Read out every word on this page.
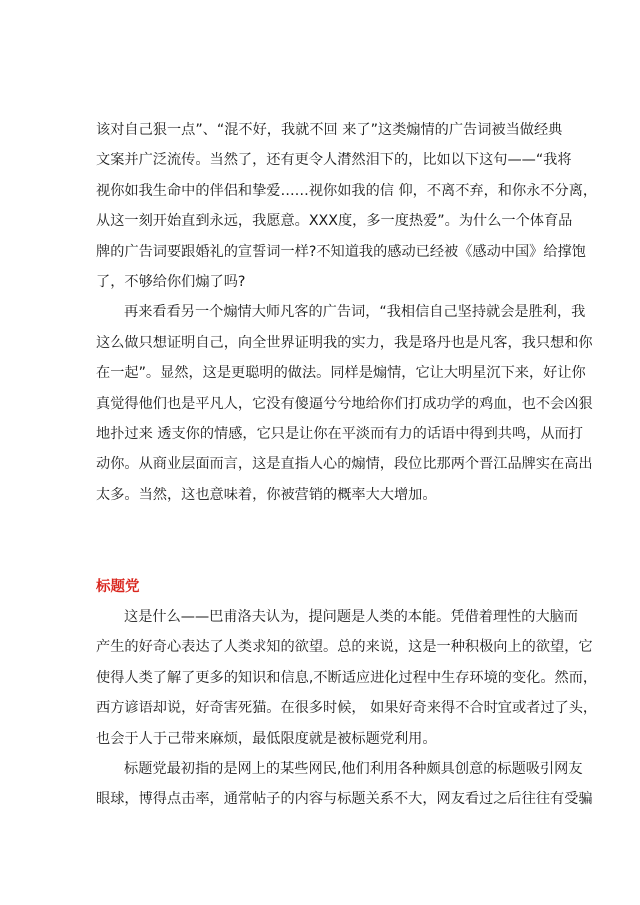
该对自己狠一点”、“混不好，我就不回 来了”这类煽情的广告词被当做经典
文案并广泛流传。当然了，还有更令人潸然泪下的，比如以下这句——“我将
视你如我生命中的伴侣和挚爱……视你如我的信 仰，不离不弃，和你永不分离，
从这一刻开始直到永远，我愿意。XXX度，多一度热爱”。为什么一个体育品
牌的广告词要跟婚礼的宣誓词一样?不知道我的感动已经被《感动中国》给撑饱
了，不够给你们煽了吗?
再来看看另一个煽情大师凡客的广告词，“我相信自己坚持就会是胜利，我
这么做只想证明自己，向全世界证明我的实力，我是珞丹也是凡客，我只想和你
在一起”。显然，这是更聪明的做法。同样是煽情，它让大明星沉下来，好让你
真觉得他们也是平凡人，它没有傻逼兮兮地给你们打成功学的鸡血，也不会凶狠
地扑过来 透支你的情感，它只是让你在平淡而有力的话语中得到共鸣，从而打
动你。从商业层面而言，这是直指人心的煽情，段位比那两个晋江品牌实在高出
太多。当然，这也意味着，你被营销的概率大大增加。
标题党
这是什么——巴甫洛夫认为，提问题是人类的本能。凭借着理性的大脑而
产生的好奇心表达了人类求知的欲望。总的来说，这是一种积极向上的欲望，它
使得人类了解了更多的知识和信息,不断适应进化过程中生存环境的变化。然而，
西方谚语却说，好奇害死猫。在很多时候， 如果好奇来得不合时宜或者过了头，
也会于人于己带来麻烦，最低限度就是被标题党利用。
标题党最初指的是网上的某些网民,他们利用各种颇具创意的标题吸引网友
眼球，博得点击率，通常帖子的内容与标题关系不大，网友看过之后往往有受骗
